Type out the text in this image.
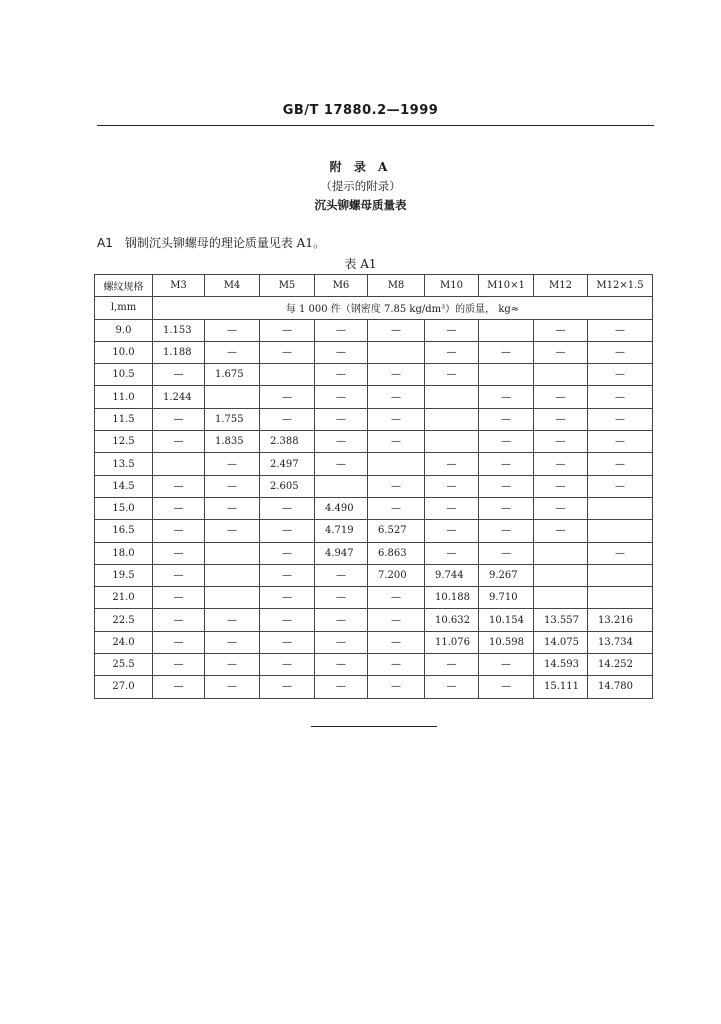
GB/T 17880.2—1999
附 录 A
（提示的附录）
沉头铆螺母质量表
A1 钢制沉头铆螺母的理论质量见表 A1。
表 A1
螺纹规格	M3	M4	M5	M6	M8	M10	M10×1	M12	M12×1.5
l,mm	每 1 000 件（钢密度 7.85 kg/dm³）的质量， kg≈								
9.0	1.153	—	—	—	—	—		—	—
10.0	1.188	—	—	—		—	—	—	—
10.5	—	1.675		—	—	—			—
11.0	1.244		—	—	—		—	—	—
11.5	—	1.755	—	—	—		—	—	—
12.5	—	1.835	2.388	—	—		—	—	—
13.5		—	2.497	—		—	—	—	—
14.5	—	—	2.605		—	—	—	—	—
15.0	—	—	—	4.490	—	—	—	—	
16.5	—	—	—	4.719	6.527	—	—	—	
18.0	—		—	4.947	6.863	—	—		—
19.5	—		—	—	7.200	9.744	9.267		
21.0	—		—	—	—	10.188	9.710		
22.5	—	—	—	—	—	10.632	10.154	13.557	13.216
24.0	—	—	—	—	—	11.076	10.598	14.075	13.734
25.5	—	—	—	—	—	—	—	14.593	14.252
27.0	—	—	—	—	—	—	—	15.111	14.780
